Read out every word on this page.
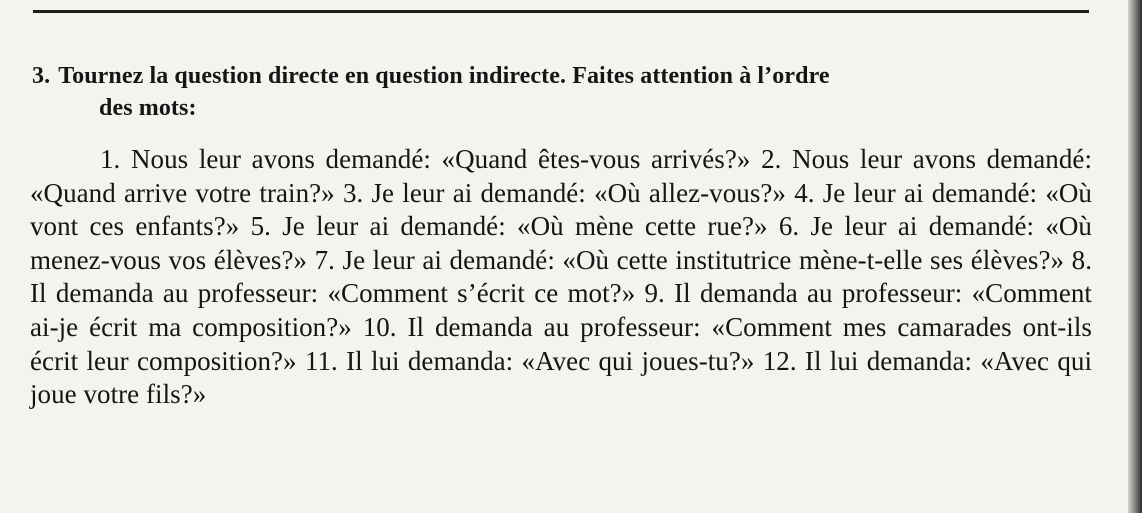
3. Tournez la question directe en question indirecte. Faites attention à l’ordre
des mots:

1. Nous leur avons demandé: «Quand êtes-vous arrivés?» 2. Nous leur avons demandé: «Quand arrive votre train?» 3. Je leur ai demandé: «Où allez-vous?» 4. Je leur ai demandé: «Où vont ces enfants?» 5. Je leur ai demandé: «Où mène cette rue?» 6. Je leur ai demandé: «Où menez-vous vos élèves?» 7. Je leur ai demandé: «Où cette institutrice mène-t-elle ses élèves?» 8. Il demanda au professeur: «Comment s’écrit ce mot?» 9. Il demanda au professeur: «Comment ai-je écrit ma composition?» 10. Il demanda au professeur: «Comment mes camarades ont-ils écrit leur composition?» 11. Il lui demanda: «Avec qui joues-tu?» 12. Il lui demanda: «Avec qui joue votre fils?»
